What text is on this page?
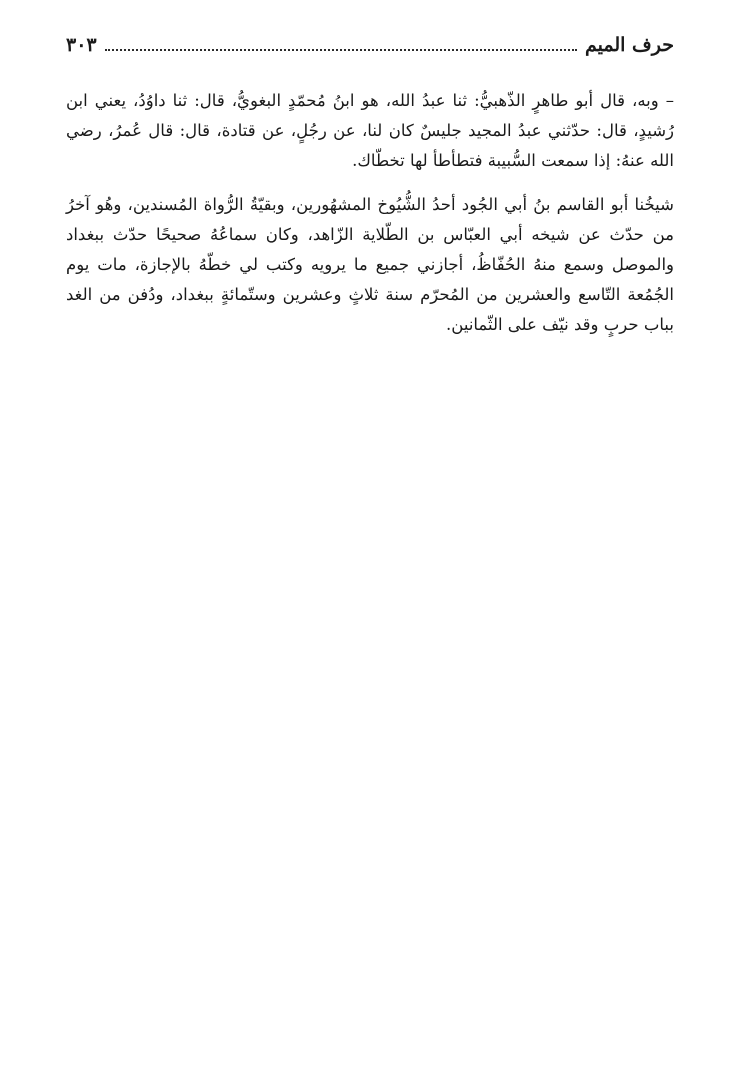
حرف الميم
٣٠٣

– وبه، قال أبو طاهرٍ الذّهبيُّ: ثنا عبدُ الله، هو ابنُ مُحمّدٍ البغويُّ، قال: ثنا داوُدُ، يعني ابن رُشيدٍ، قال: حدّثني عبدُ المجيد جليسٌ كان لنا، عن رجُلٍ، عن قتادة، قال: قال عُمرُ، رضي الله عنهُ: إذا سمعت السُّبيبة فتطأطأ لها تخطّاك.

شيخُنا أبو القاسم بنُ أبي الجُود أحدُ الشُّيُوخ المشهُورين، وبقيّةُ الرُّواة المُسندين، وهُو آخرُ من حدّث عن شيخه أبي العبّاس بن الطّلاية الزّاهد، وكان سماعُهُ صحيحًا حدّث ببغداد والموصل وسمع منهُ الحُفّاظُ، أجازني جميع ما يرويه وكتب لي خطّهُ بالإجازة، مات يوم الجُمُعة التّاسع والعشرين من المُحرّم سنة ثلاثٍ وعشرين وستّمائةٍ ببغداد، ودُفن من الغد بباب حربٍ وقد نيّف على الثّمانين.
